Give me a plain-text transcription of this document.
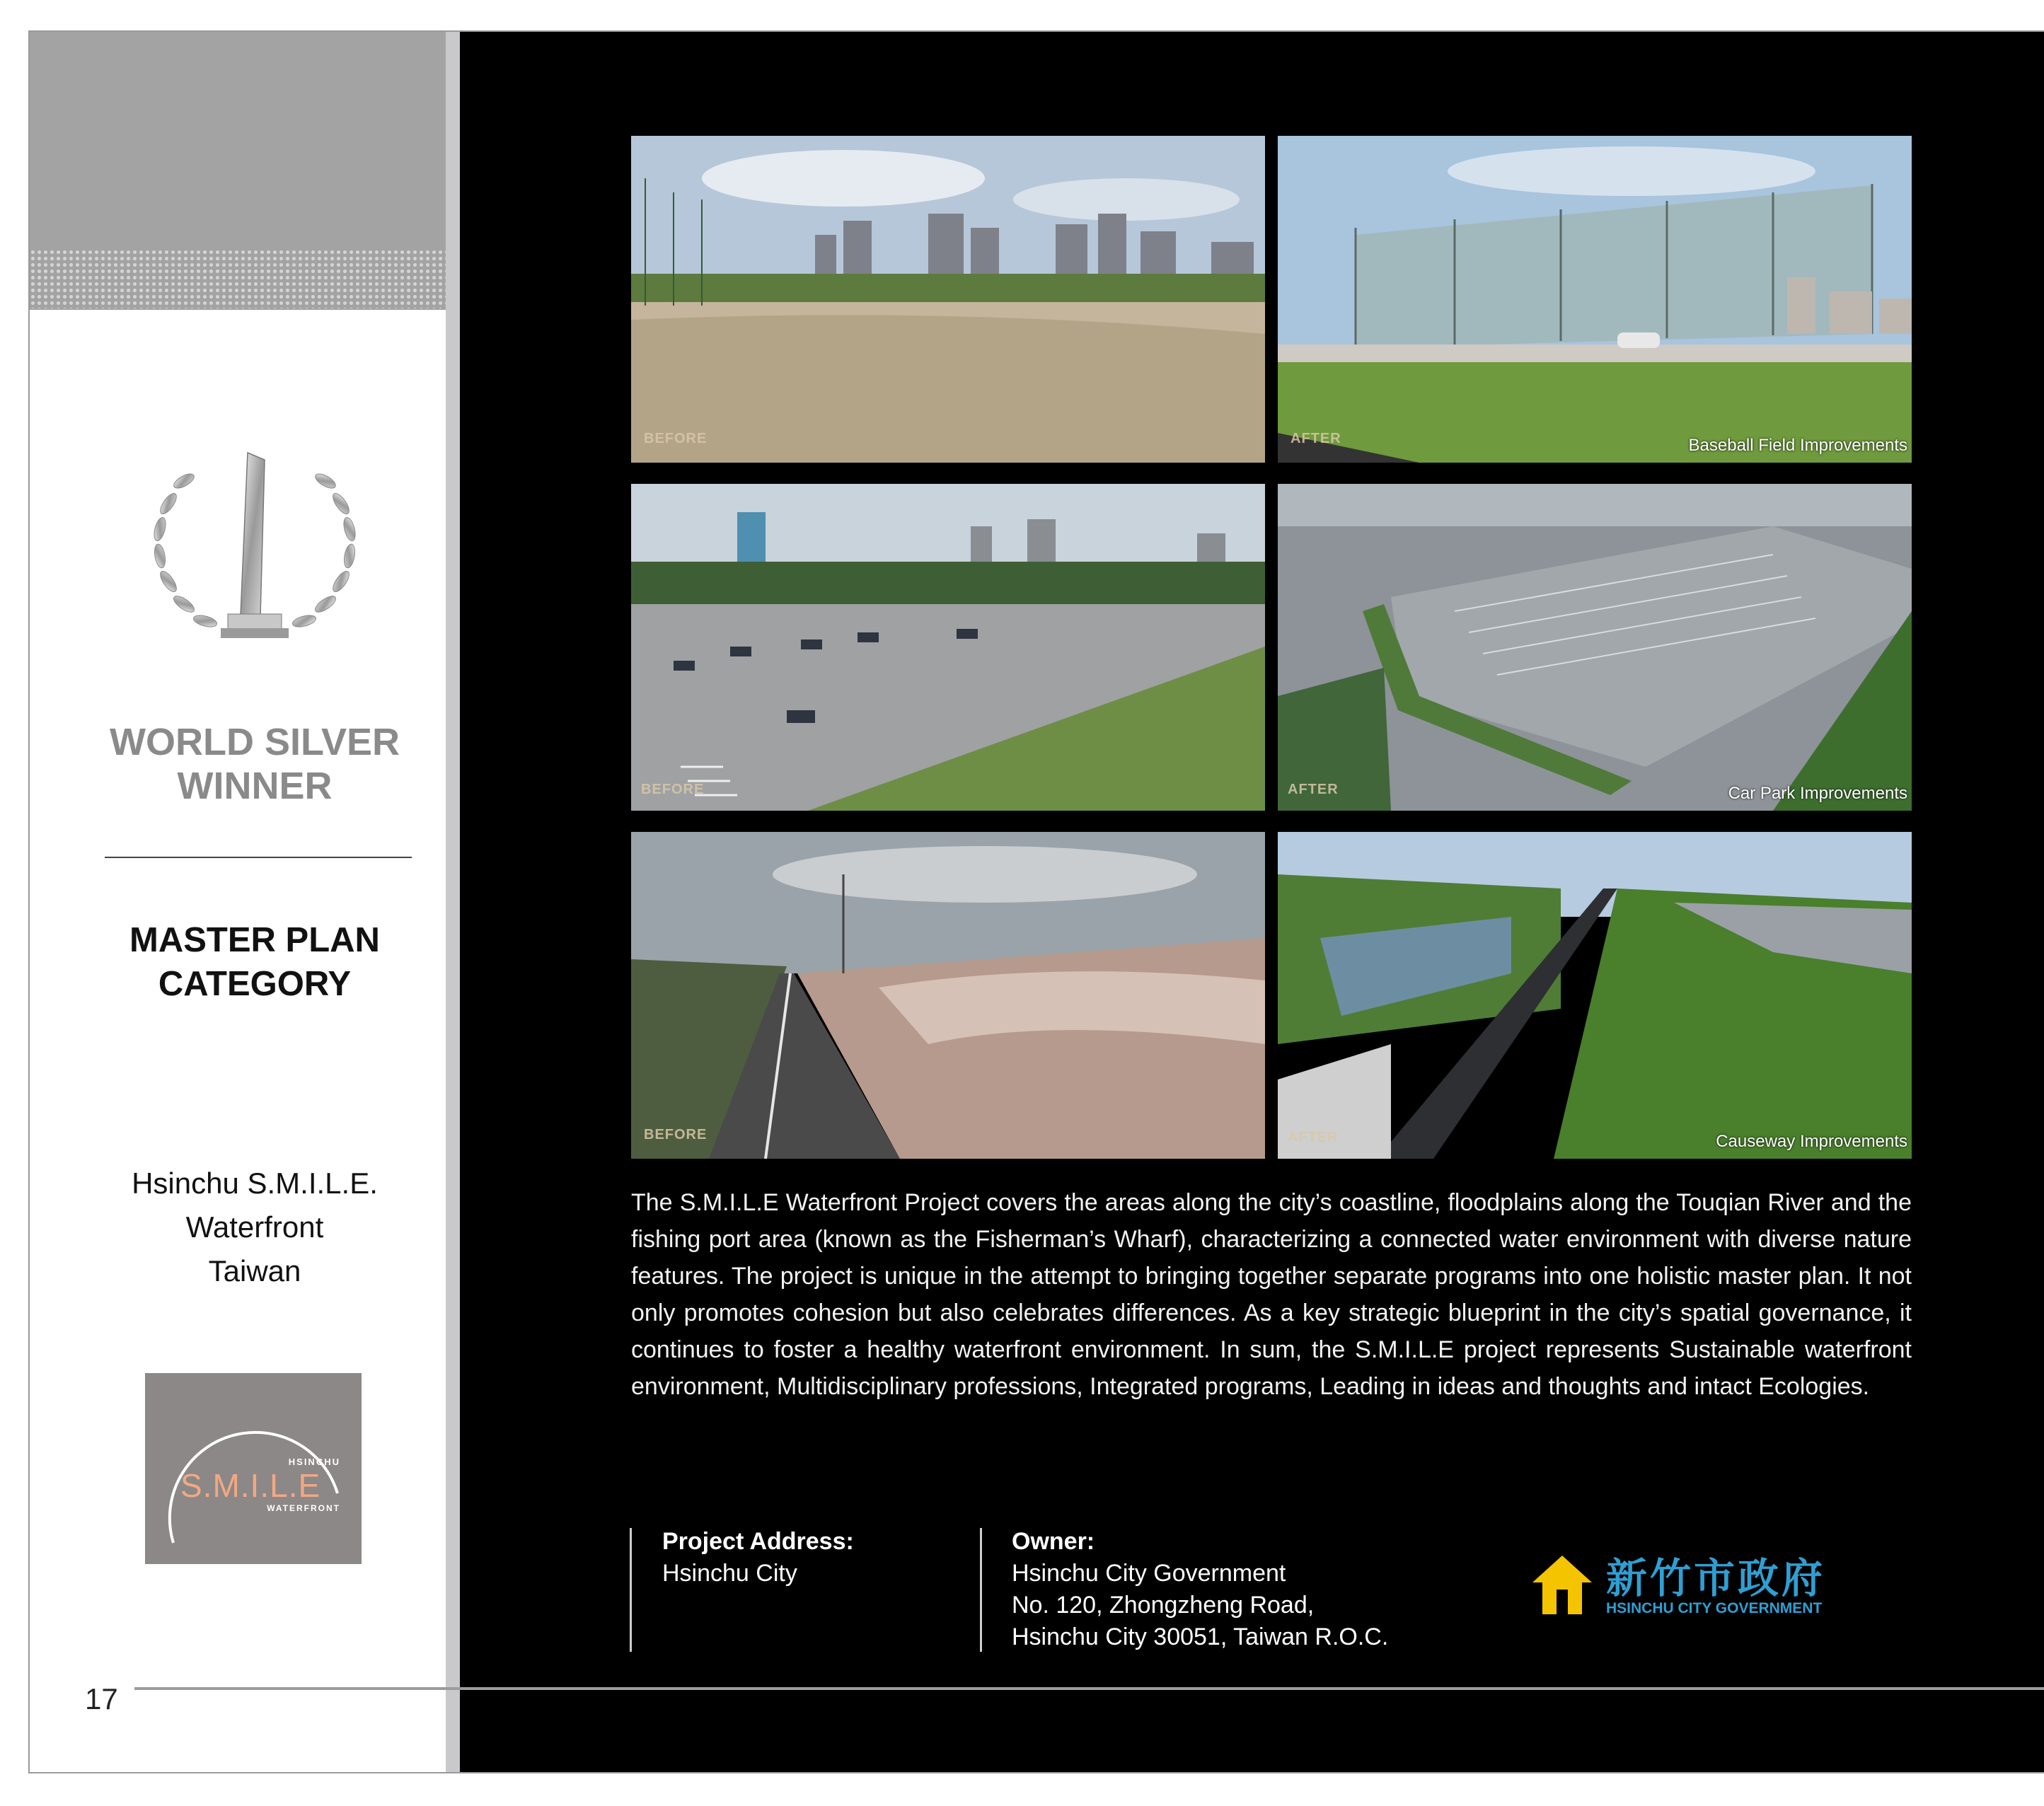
WORLD SILVER
WINNER
MASTER PLAN
CATEGORY
Hsinchu S.M.I.L.E.
Waterfront
Taiwan
HSINCHU
S.M.I.L.E
WATERFRONT
17
BEFORE	AFTER	Baseball Field Improvements
BEFORE	AFTER	Car Park Improvements
BEFORE	AFTER	Causeway Improvements
The S.M.I.L.E Waterfront Project covers the areas along the city’s coastline, floodplains along the Touqian River and the fishing port area (known as the Fisherman’s Wharf), characterizing a connected water environment with diverse nature features. The project is unique in the attempt to bringing together separate programs into one holistic master plan. It not only promotes cohesion but also celebrates differences. As a key strategic blueprint in the city’s spatial governance, it continues to foster a healthy waterfront environment. In sum, the S.M.I.L.E project represents Sustainable waterfront environment, Multidisciplinary professions, Integrated programs, Leading in ideas and thoughts and intact Ecologies.
Project Address:
Hsinchu City
Owner:
Hsinchu City Government
No. 120, Zhongzheng Road,
Hsinchu City 30051, Taiwan R.O.C.
新竹市政府
HSINCHU CITY GOVERNMENT
